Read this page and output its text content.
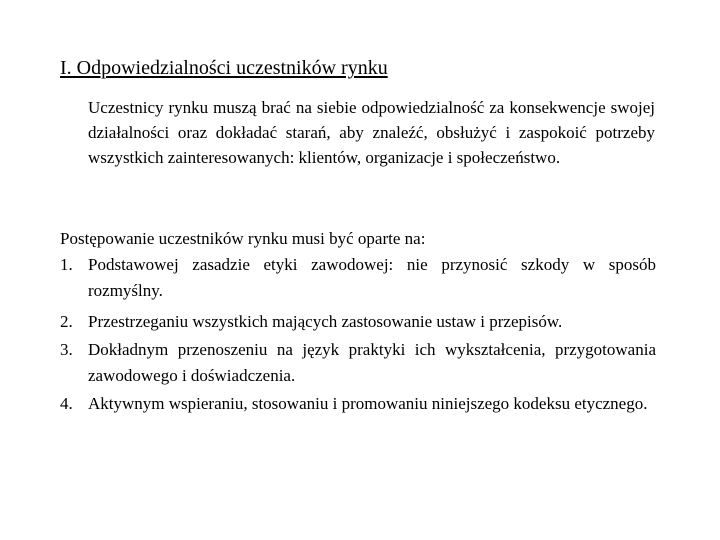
I. Odpowiedzialności uczestników rynku
Uczestnicy rynku muszą brać na siebie odpowiedzialność za konsekwencje swojej działalności oraz dokładać starań, aby znaleźć, obsłużyć i zaspokoić potrzeby wszystkich zainteresowanych: klientów, organizacje i społeczeństwo.
Postępowanie uczestników rynku musi być oparte na:
1. Podstawowej zasadzie etyki zawodowej: nie przynosić szkody w sposób rozmyślny.
2. Przestrzeganiu wszystkich mających zastosowanie ustaw i przepisów.
3. Dokładnym przenoszeniu na język praktyki ich wykształcenia, przygotowania zawodowego i doświadczenia.
4. Aktywnym wspieraniu, stosowaniu i promowaniu niniejszego kodeksu etycznego.
